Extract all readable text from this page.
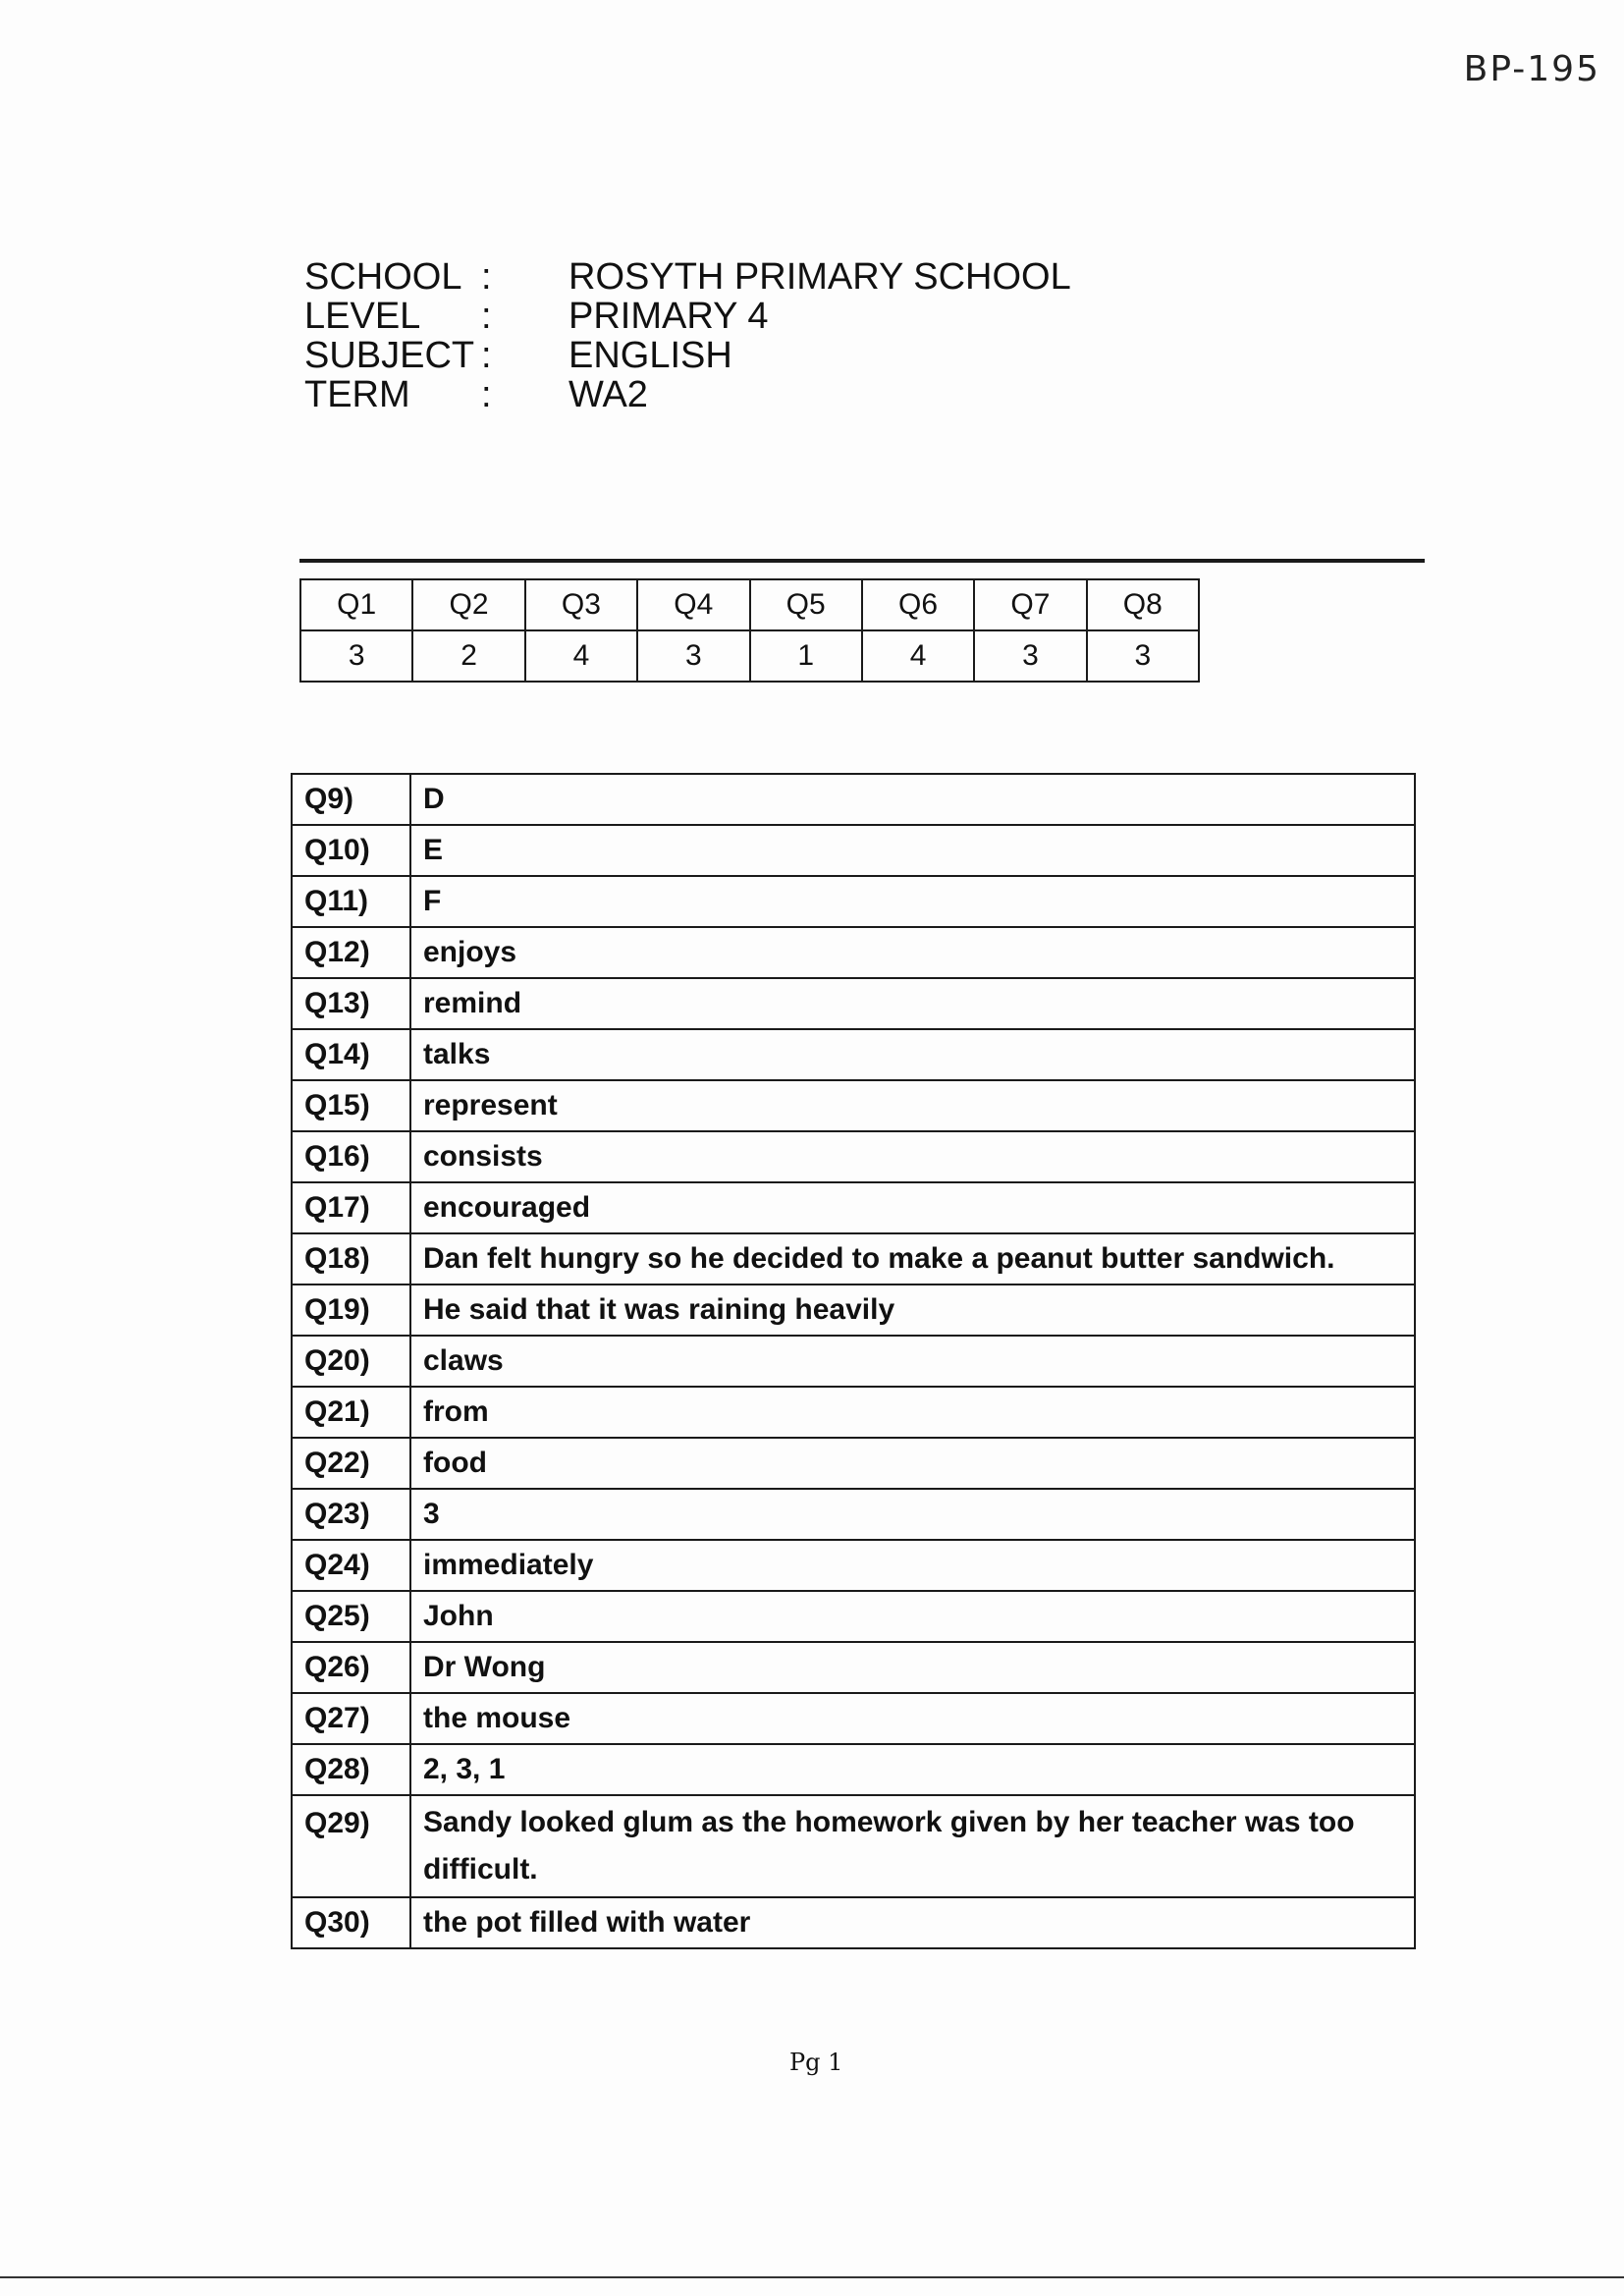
BP-195
SCHOOL :	ROSYTH PRIMARY SCHOOL
LEVEL	:	PRIMARY 4
SUBJECT :	ENGLISH
TERM	:	WA2
Q1	Q2	Q3	Q4	Q5	Q6	Q7	Q8
3	2	4	3	1	4	3	3
Q9)	D
Q10)	E
Q11)	F
Q12)	enjoys
Q13)	remind
Q14)	talks
Q15)	represent
Q16)	consists
Q17)	encouraged
Q18)	Dan felt hungry so he decided to make a peanut butter sandwich.
Q19)	He said that it was raining heavily
Q20)	claws
Q21)	from
Q22)	food
Q23)	3
Q24)	immediately
Q25)	John
Q26)	Dr Wong
Q27)	the mouse
Q28)	2, 3, 1
Q29)	Sandy looked glum as the homework given by her teacher was too difficult.
Q30)	the pot filled with water
Pg 1
